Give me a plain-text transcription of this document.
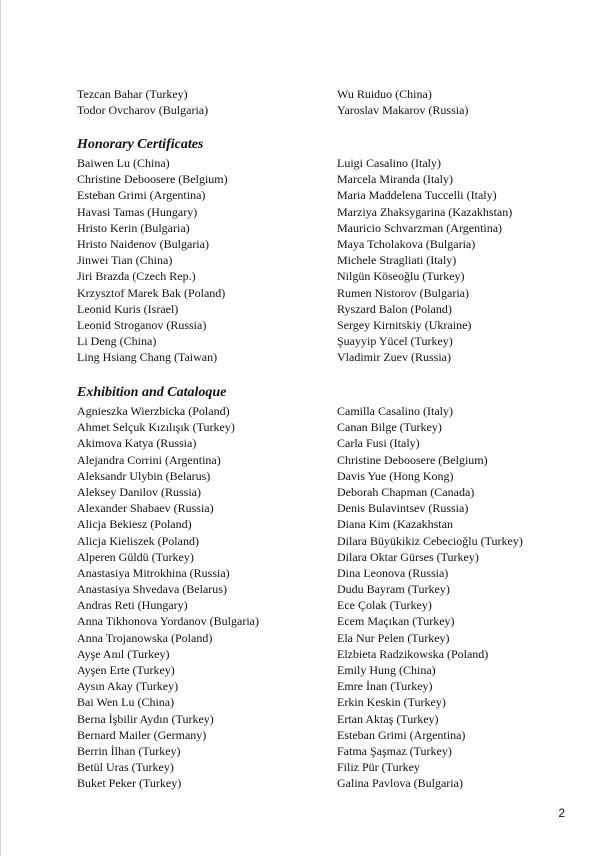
Tezcan Bahar (Turkey)
Todor Ovcharov (Bulgaria)
Wu Ruiduo (China)
Yaroslav Makarov (Russia)
Honorary Certificates
Baiwen Lu (China)
Christine Deboosere (Belgium)
Esteban Grimi (Argentina)
Havasi Tamas (Hungary)
Hristo Kerin (Bulgaria)
Hristo Naidenov (Bulgaria)
Jinwei Tian (China)
Jiri Brazda (Czech Rep.)
Krzysztof Marek Bak (Poland)
Leonid Kuris (Israel)
Leonid Stroganov (Russia)
Li Deng (China)
Ling Hsiang Chang (Taiwan)
Luigi Casalino (Italy)
Marcela Miranda (Italy)
Maria Maddelena Tuccelli (Italy)
Marziya Zhaksygarina (Kazakhstan)
Mauricio Schvarzman (Argentina)
Maya Tcholakova (Bulgaria)
Michele Stragliati (Italy)
Nilgün Köseoğlu (Turkey)
Rumen Nistorov (Bulgaria)
Ryszard Balon (Poland)
Sergey Kirnitskiy (Ukraine)
Şuayyip Yücel (Turkey)
Vladimir Zuev (Russia)
Exhibition and Cataloque
Agnieszka Wierzbicka (Poland)
Ahmet Selçuk Kızılışık (Turkey)
Akimova Katya (Russia)
Alejandra Corrini (Argentina)
Aleksandr Ulybin (Belarus)
Aleksey Danilov (Russia)
Alexander Shabaev (Russia)
Alicja Bekiesz (Poland)
Alicja Kieliszek (Poland)
Alperen Güldü (Turkey)
Anastasiya Mitrokhina (Russia)
Anastasiya Shvedava (Belarus)
Andras Reti (Hungary)
Anna Tikhonova Yordanov (Bulgaria)
Anna Trojanowska (Poland)
Ayşe Anıl (Turkey)
Ayşen Erte (Turkey)
Aysın Akay (Turkey)
Bai Wen Lu (China)
Berna İşbilir Aydın (Turkey)
Bernard Mailer (Germany)
Berrin İlhan (Turkey)
Betül Uras (Turkey)
Buket Peker (Turkey)
Camilla Casalino (Italy)
Canan Bilge (Turkey)
Carla Fusi (Italy)
Christine Deboosere (Belgium)
Davis Yue (Hong Kong)
Deborah Chapman (Canada)
Denis Bulavintsev (Russia)
Diana Kim (Kazakhstan
Dilara Büyükikiz Cebecioğlu (Turkey)
Dilara Oktar Gürses (Turkey)
Dina Leonova (Russia)
Dudu Bayram (Turkey)
Ece Çolak (Turkey)
Ecem Maçıkan (Turkey)
Ela Nur Pelen (Turkey)
Elzbieta Radzikowska (Poland)
Emily Hung (China)
Emre İnan (Turkey)
Erkin Keskin (Turkey)
Ertan Aktaş (Turkey)
Esteban Grimi (Argentina)
Fatma Şaşmaz (Turkey)
Filiz Pür (Turkey
Galina Pavlova (Bulgaria)
2
